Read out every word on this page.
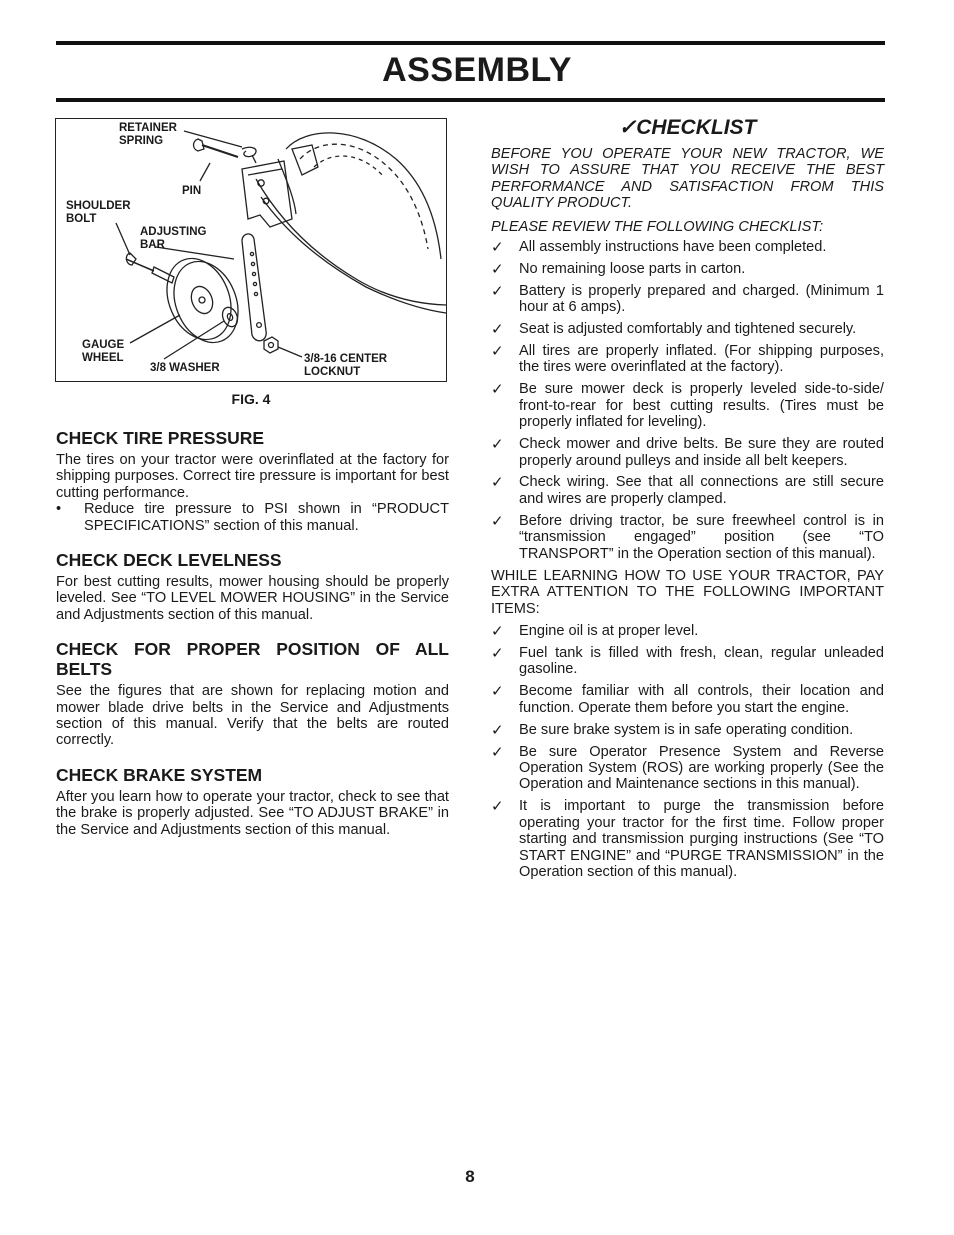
ASSEMBLY
RETAINER
SPRING
PIN
SHOULDER
BOLT
ADJUSTING
BAR
GAUGE
WHEEL
3/8 WASHER
3/8-16 CENTER
LOCKNUT
FIG. 4
CHECK TIRE PRESSURE

The tires on your tractor were overinflated at the factory for shipping purposes. Correct tire pressure is important for best cutting performance.

•	Reduce tire pressure to PSI shown in “PRODUCT SPECIFICATIONS” section of this manual.
CHECK DECK LEVELNESS

For best cutting results, mower housing should be properly leveled. See “TO LEVEL MOWER HOUSING” in the Service and Adjustments section of this manual.

CHECK FOR PROPER POSITION OF ALL BELTS

See the figures that are shown for replacing motion and mower blade drive belts in the Service and Adjustments section of this manual. Verify that the belts are routed correctly.

CHECK BRAKE SYSTEM

After you learn how to operate your tractor, check to see that the brake is properly adjusted. See “TO ADJUST BRAKE” in the Service and Adjustments section of this manual.

✓CHECKLIST

BEFORE YOU OPERATE YOUR NEW TRACTOR, WE WISH TO ASSURE THAT YOU RECEIVE THE BEST PERFORMANCE AND SATISFACTION FROM THIS QUALITY PRODUCT.

PLEASE REVIEW THE FOLLOWING CHECKLIST:

✓	All assembly instructions have been completed.
✓	No remaining loose parts in carton.
✓	Battery is properly prepared and charged. (Minimum 1 hour at 6 amps).
✓	Seat is adjusted comfortably and tightened securely.
✓	All tires are properly inflated. (For shipping purposes, the tires were overinflated at the factory).
✓	Be sure mower deck is properly leveled side-to-side/ front-to-rear for best cutting results. (Tires must be properly inflated for leveling).
✓	Check mower and drive belts. Be sure they are routed properly around pulleys and inside all belt keepers.
✓	Check wiring. See that all connections are still secure and wires are properly clamped.
✓	Before driving tractor, be sure freewheel control is in “transmission engaged” position (see “TO TRANSPORT” in the Operation section of this manual).

WHILE LEARNING HOW TO USE YOUR TRACTOR, PAY EXTRA ATTENTION TO THE FOLLOWING IMPORTANT ITEMS:

✓	Engine oil is at proper level.
✓	Fuel tank is filled with fresh, clean, regular unleaded gasoline.
✓	Become familiar with all controls, their location and function. Operate them before you start the engine.
✓	Be sure brake system is in safe operating condition.
✓	Be sure Operator Presence System and Reverse Operation System (ROS) are working properly (See the Operation and Maintenance sections in this manual).
✓	It is important to purge the transmission before operating your tractor for the first time. Follow proper starting and transmission purging instructions (See “TO START ENGINE” and “PURGE TRANSMISSION” in the Operation section of this manual).
8
